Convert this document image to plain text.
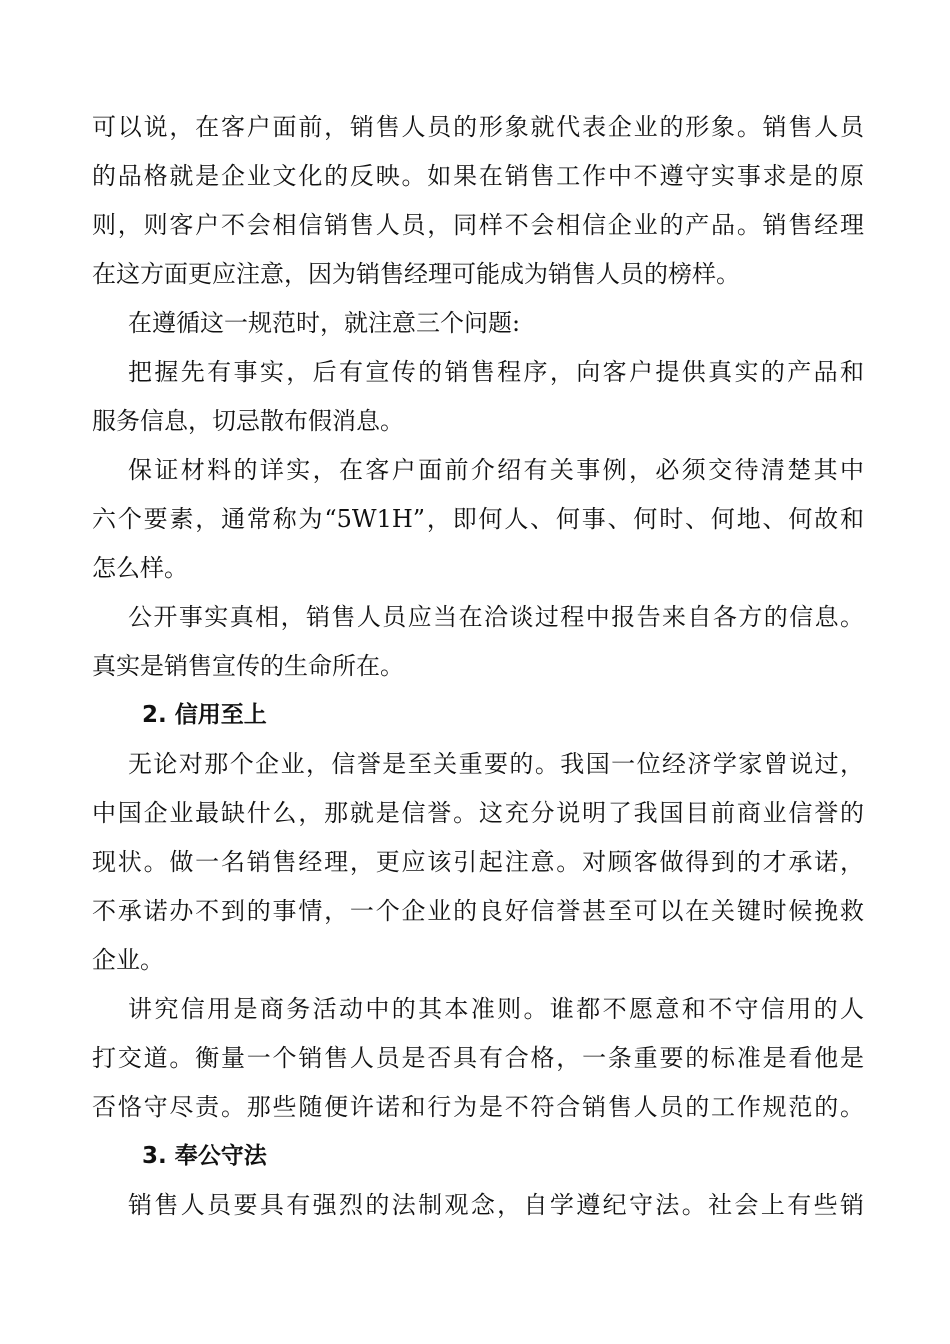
可以说，在客户面前，销售人员的形象就代表企业的形象。销售人员
的品格就是企业文化的反映。如果在销售工作中不遵守实事求是的原
则，则客户不会相信销售人员，同样不会相信企业的产品。销售经理
在这方面更应注意，因为销售经理可能成为销售人员的榜样。
在遵循这一规范时，就注意三个问题:
把握先有事实，后有宣传的销售程序，向客户提供真实的产品和
服务信息，切忌散布假消息。
保证材料的详实，在客户面前介绍有关事例，必须交待清楚其中
六个要素，通常称为“5W1H”，即何人、何事、何时、何地、何故和
怎么样。
公开事实真相，销售人员应当在洽谈过程中报告来自各方的信息。
真实是销售宣传的生命所在。
2. 信用至上
无论对那个企业，信誉是至关重要的。我国一位经济学家曾说过，
中国企业最缺什么，那就是信誉。这充分说明了我国目前商业信誉的
现状。做一名销售经理，更应该引起注意。对顾客做得到的才承诺，
不承诺办不到的事情，一个企业的良好信誉甚至可以在关键时候挽救
企业。
讲究信用是商务活动中的其本准则。谁都不愿意和不守信用的人
打交道。衡量一个销售人员是否具有合格，一条重要的标准是看他是
否恪守尽责。那些随便许诺和行为是不符合销售人员的工作规范的。
3. 奉公守法
销售人员要具有强烈的法制观念，自学遵纪守法。社会上有些销
